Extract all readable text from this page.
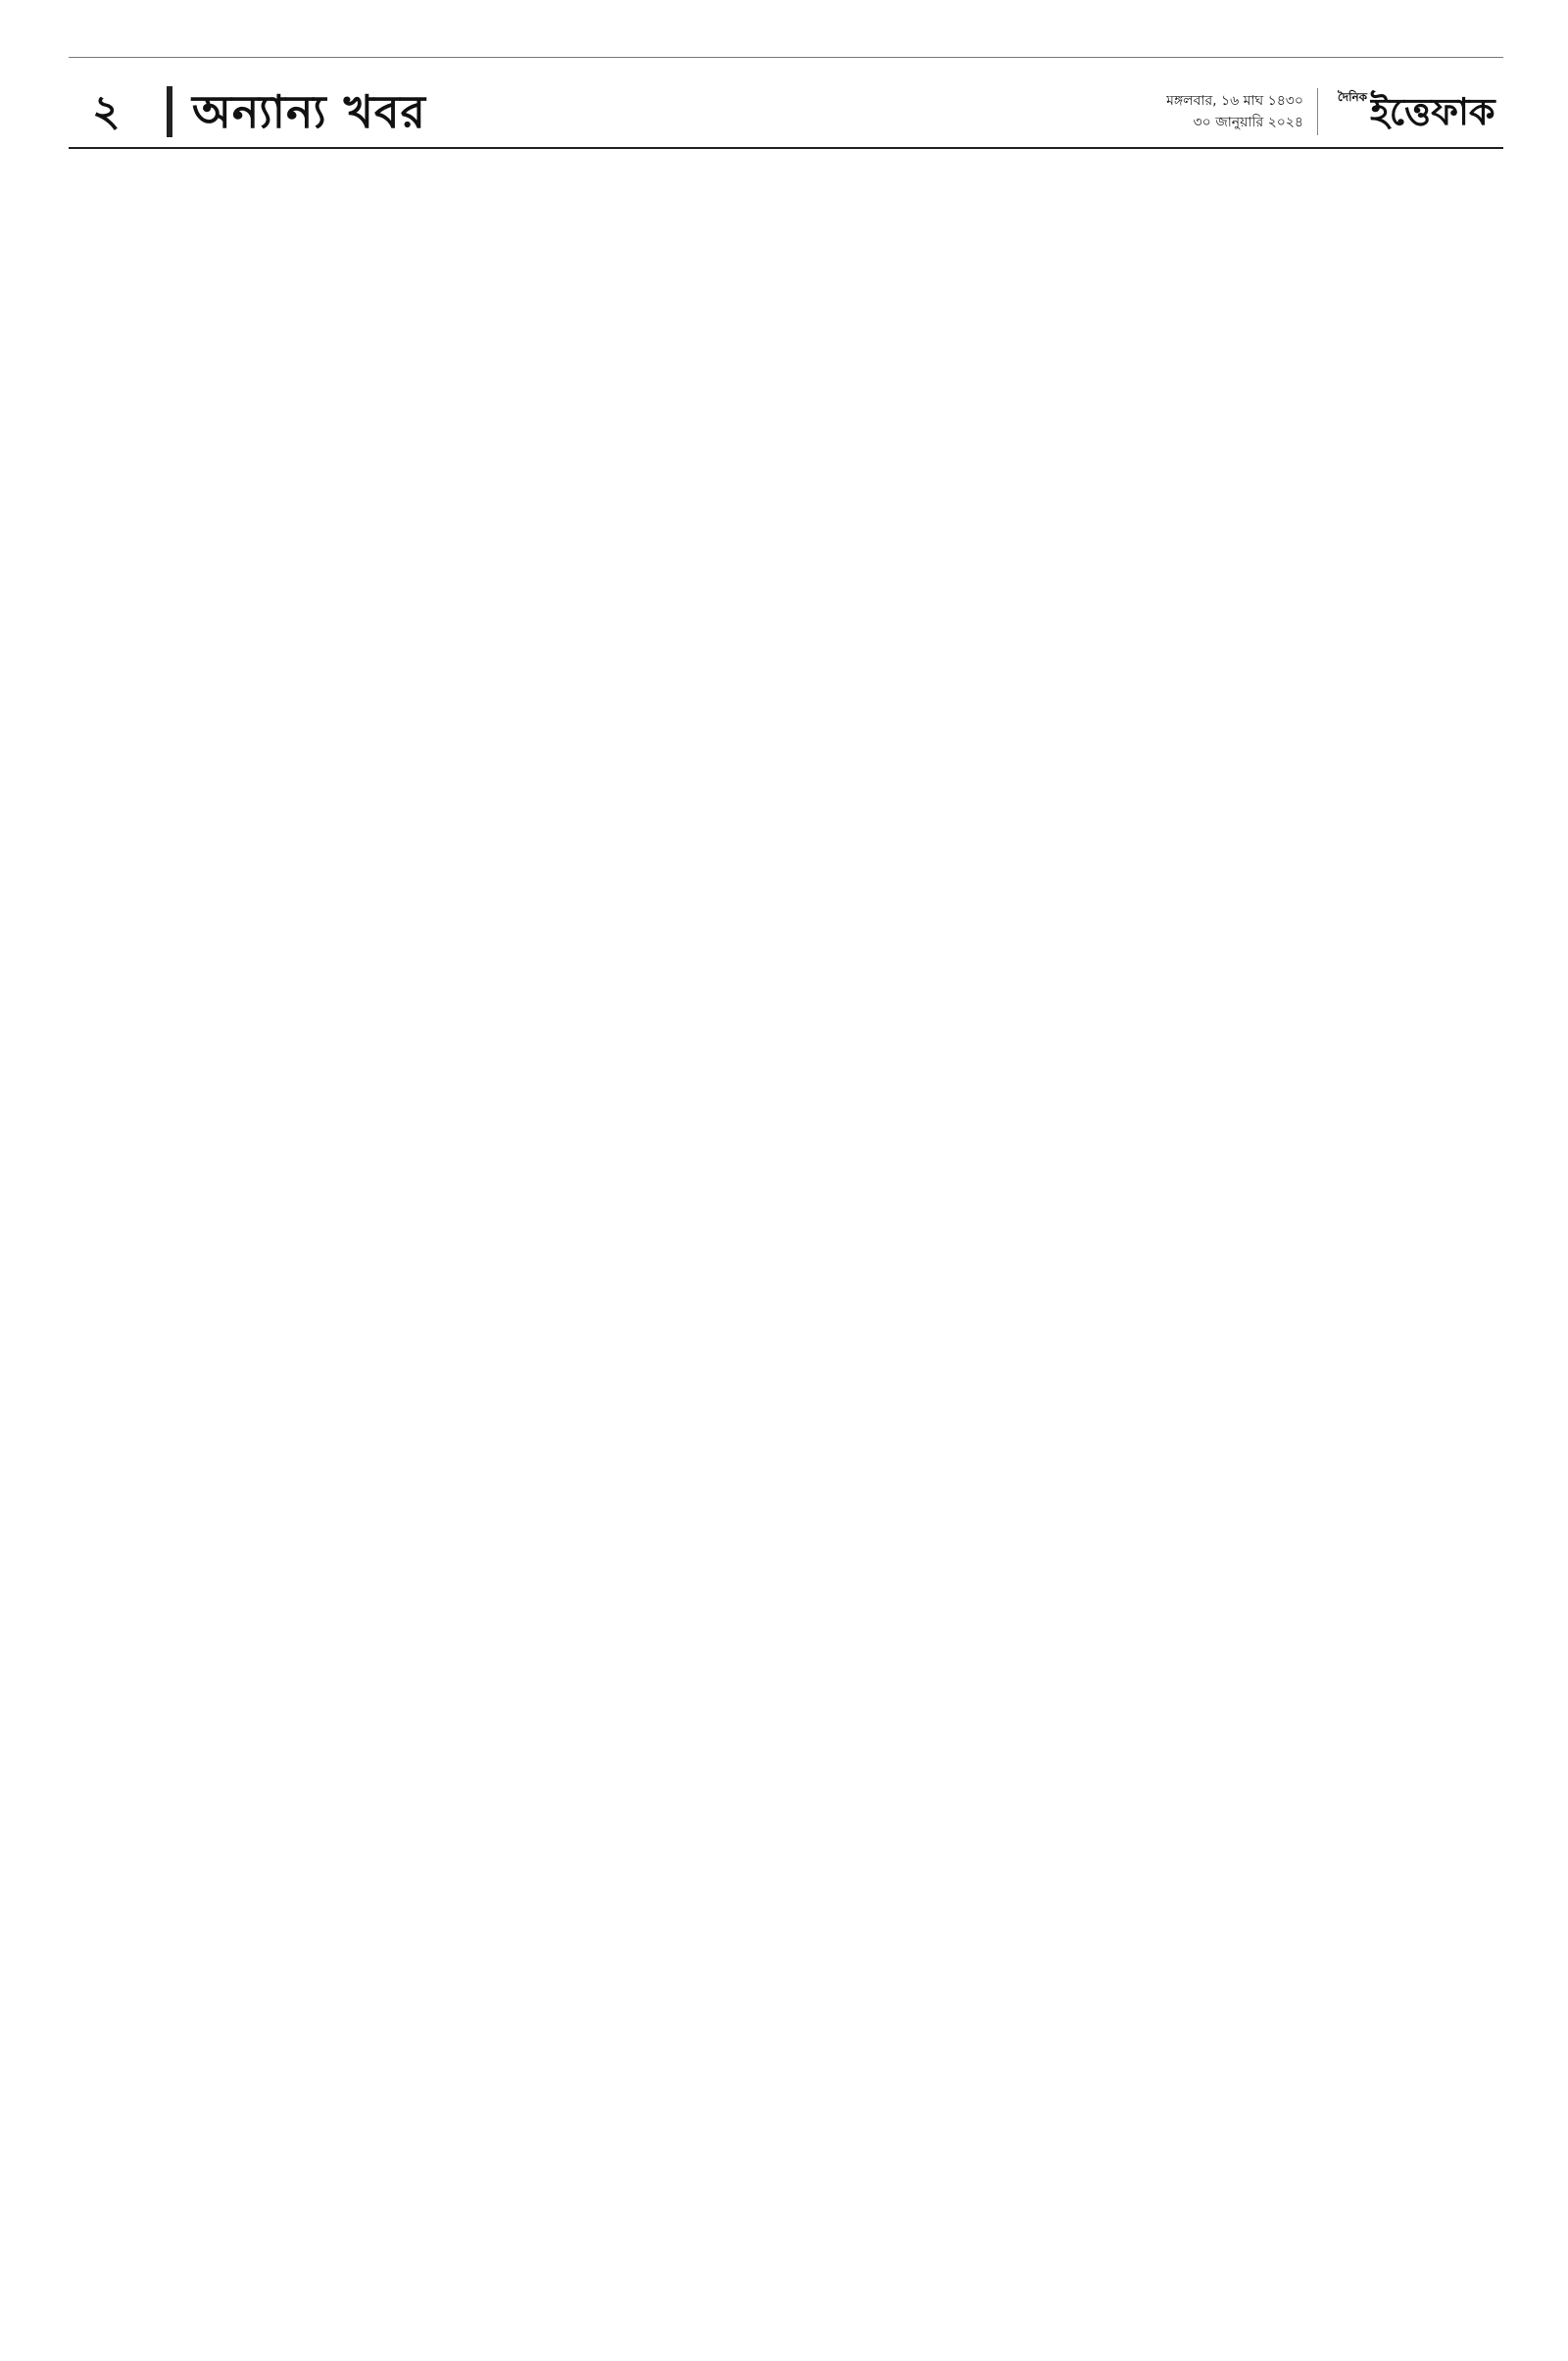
২ অন্যান্য খবর	মঙ্গলবার, ১৬ মাঘ ১৪৩০
৩০ জানুয়ারি ২০২৪
দৈনিক ইত্তেফাক
